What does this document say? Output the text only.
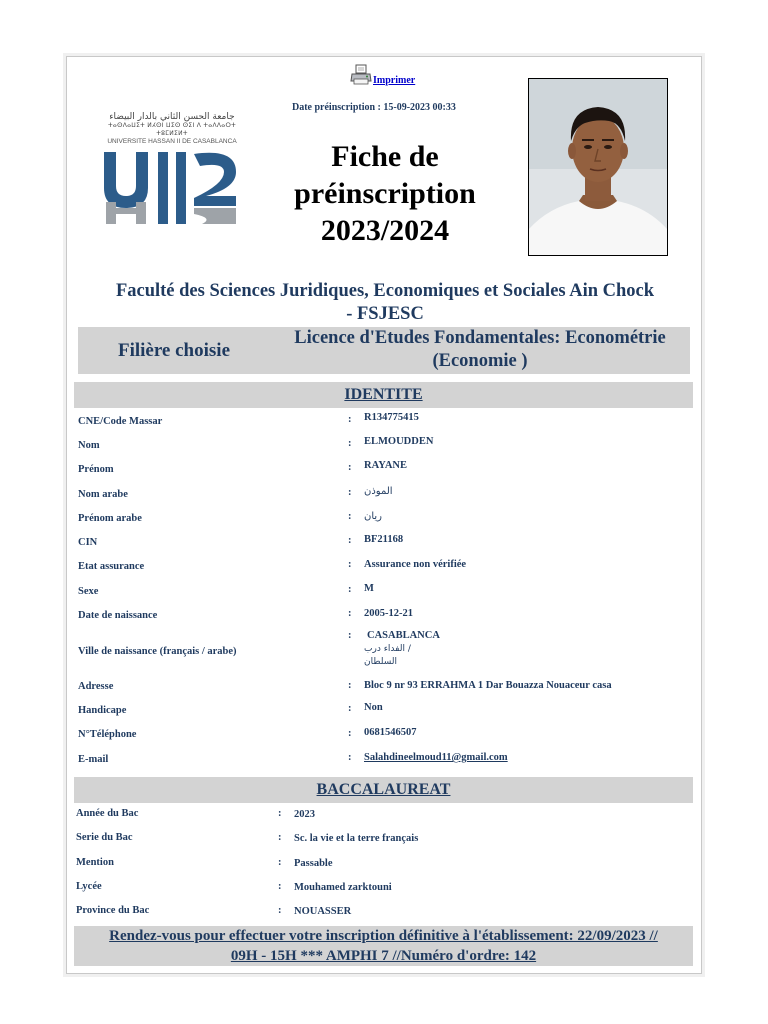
Imprimer
Date préinscription : 15-09-2023 00:33
جامعة الحسن الثاني بالدار البيضاء
ⵜⴰⵙⴷⴰⵡⵉⵜ ⵍⵃⵙⵏ ⵡⵉⵙ ⵙⵉⵏ ⴷ ⵜⴰⴷⴷⴰⵔⵜ ⵜⵓⵎⵍⵉⵍⵜ
UNIVERSITE HASSAN II DE CASABLANCA	Fiche de
préinscription
2023/2024
Faculté des Sciences Juridiques, Economiques et Sociales Ain Chock
- FSJESC
Filière choisie
Licence d'Etudes Fondamentales: Econométrie
(Economie )
IDENTITE
CNE/Code Massar	: R134775415
Nom	: ELMOUDDEN
Prénom	: RAYANE
Nom arabe	: الموذن
Prénom arabe	: ريان
CIN	: BF21168
Etat assurance	: Assurance non vérifiée
Sexe	: M
Date de naissance	: 2005-12-21
Ville de naissance (français / arabe)
: CASABLANCA
الفداء درب /
السلطان
Adresse	: Bloc 9 nr 93 ERRAHMA 1 Dar Bouazza Nouaceur casa
Handicape	: Non
N°Téléphone	: 0681546507
E-mail	: Salahdineelmoud11@gmail.com
BACCALAUREAT
Année du Bac	: 2023
Serie du Bac	: Sc. la vie et la terre français
Mention	: Passable
Lycée	: Mouhamed zarktouni
Province du Bac	: NOUASSER
Rendez-vous pour effectuer votre inscription définitive à l'établissement: 22/09/2023 //
09H - 15H *** AMPHI 7 //Numéro d'ordre: 142
